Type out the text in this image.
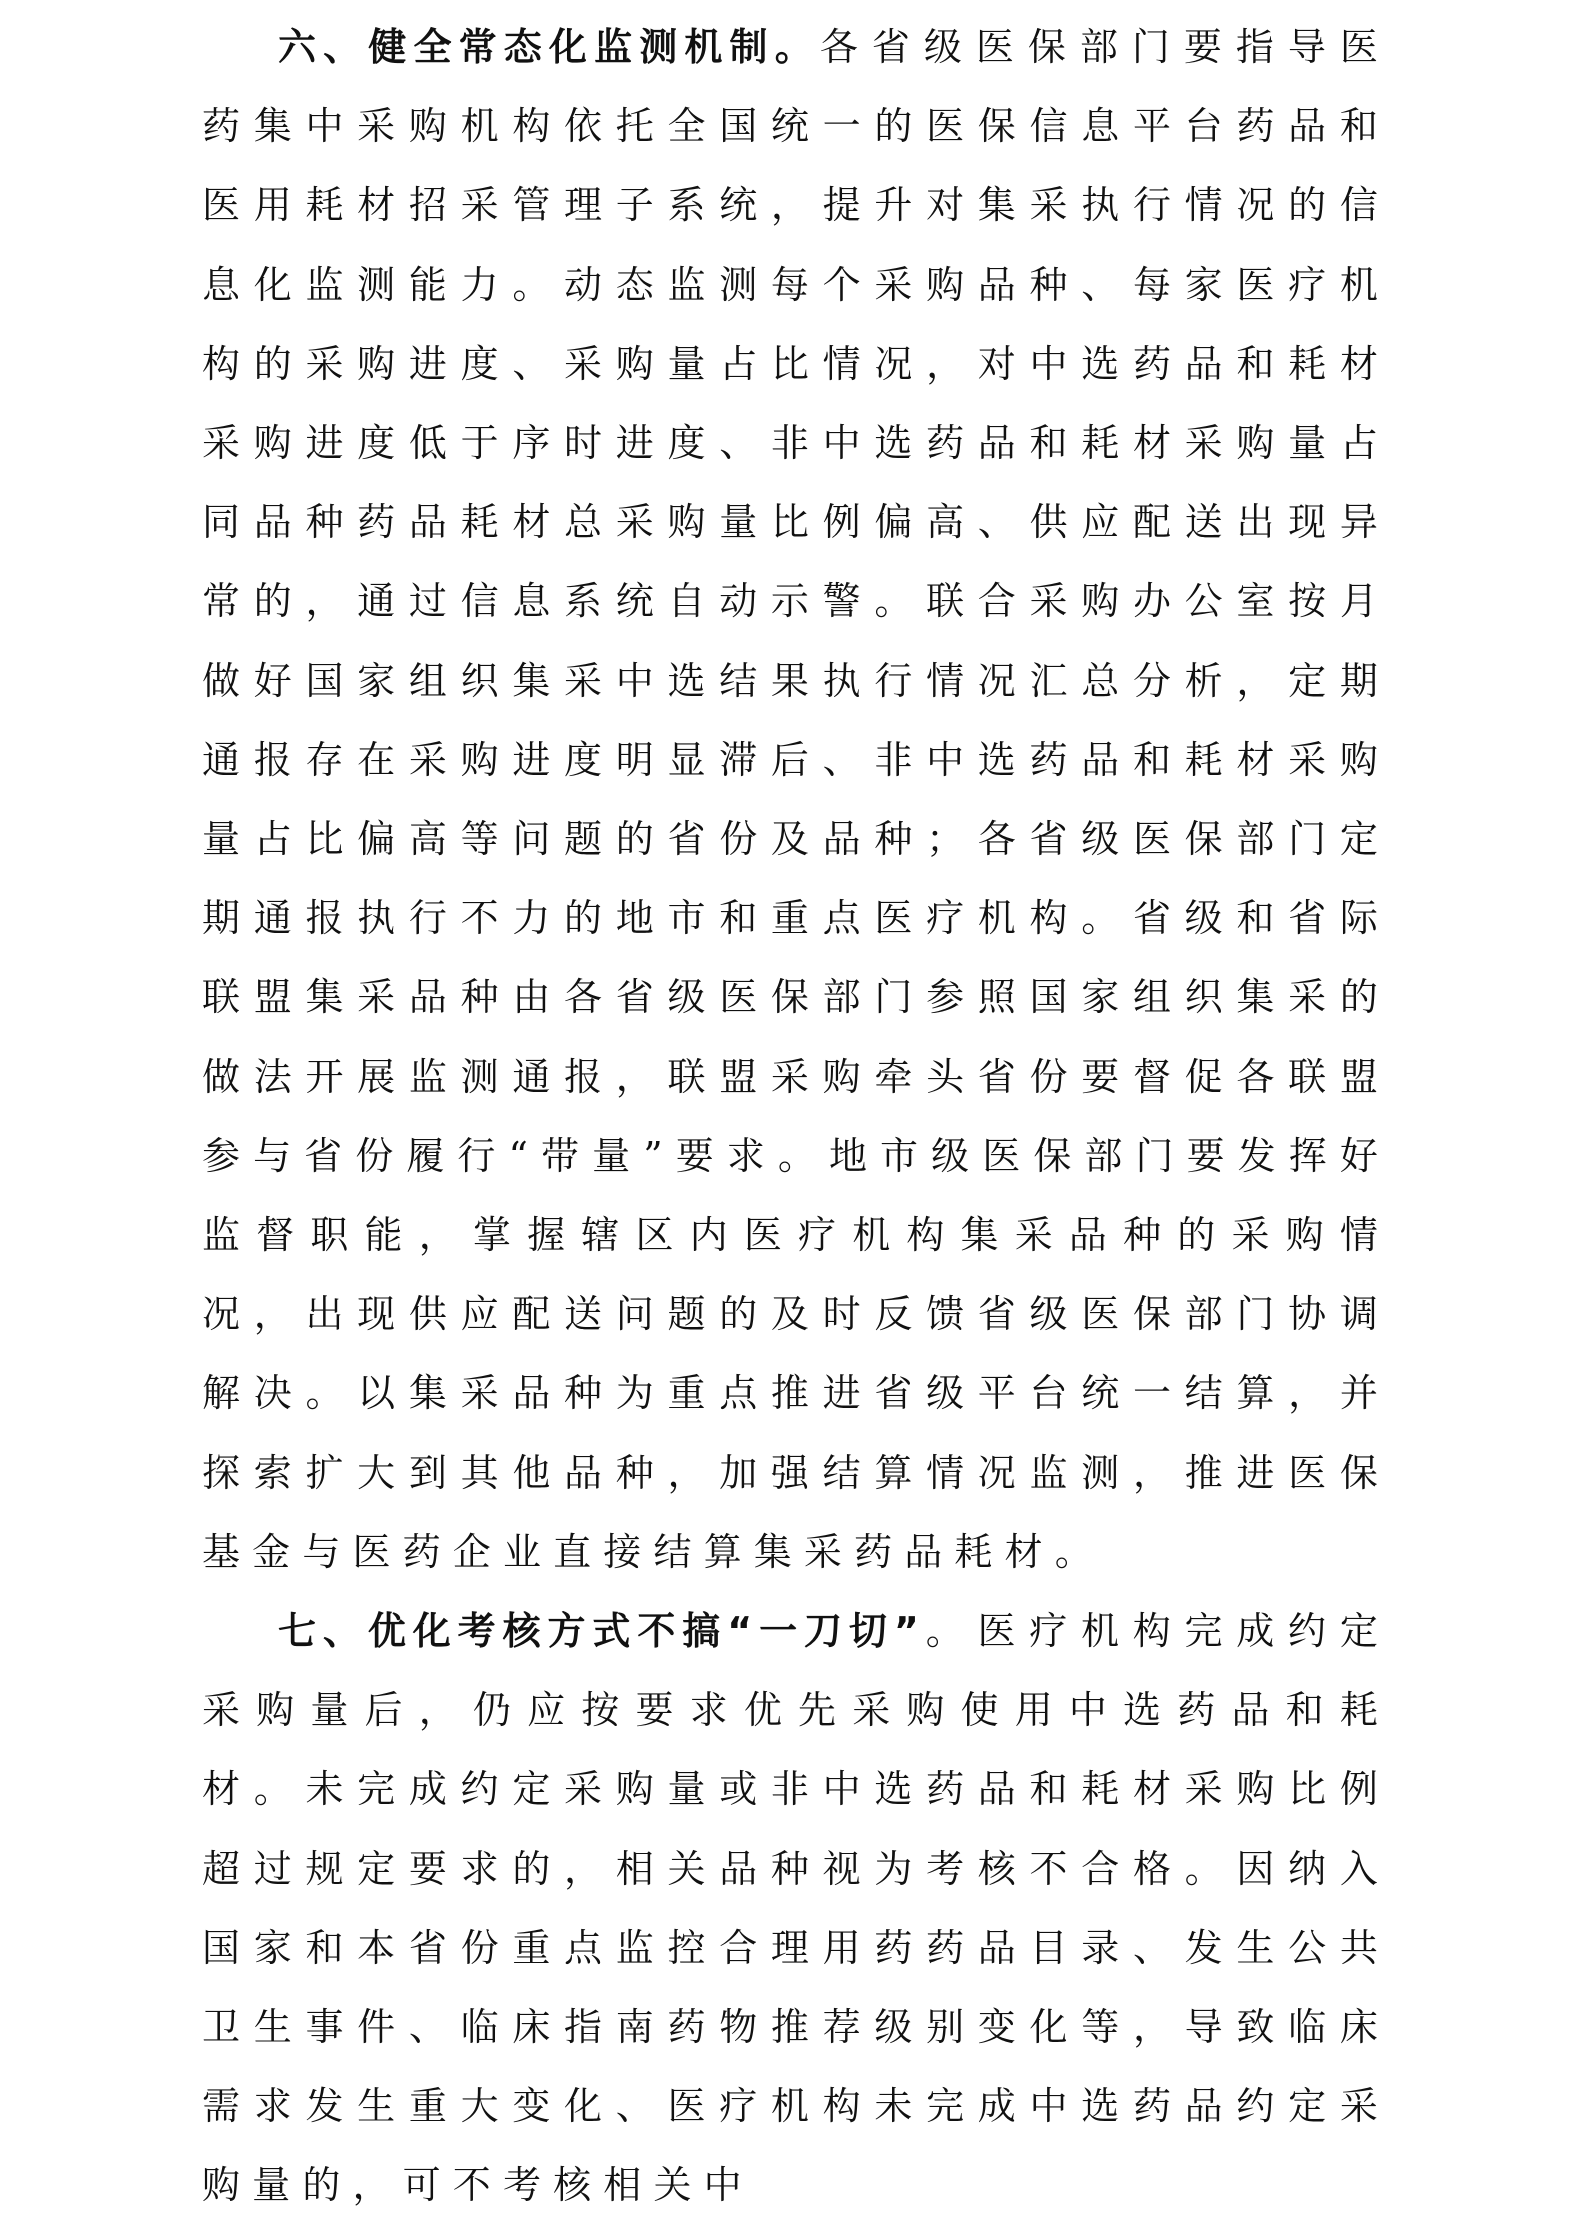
六、健全常态化监测机制。各省级医保部门要指导医药集中采购机构依托全国统一的医保信息平台药品和医用耗材招采管理子系统，提升对集采执行情况的信息化监测能力。动态监测每个采购品种、每家医疗机构的采购进度、采购量占比情况，对中选药品和耗材采购进度低于序时进度、非中选药品和耗材采购量占同品种药品耗材总采购量比例偏高、供应配送出现异常的，通过信息系统自动示警。联合采购办公室按月做好国家组织集采中选结果执行情况汇总分析，定期通报存在采购进度明显滞后、非中选药品和耗材采购量占比偏高等问题的省份及品种；各省级医保部门定期通报执行不力的地市和重点医疗机构。省级和省际联盟集采品种由各省级医保部门参照国家组织集采的做法开展监测通报，联盟采购牵头省份要督促各联盟参与省份履行“带量”要求。地市级医保部门要发挥好监督职能，掌握辖区内医疗机构集采品种的采购情况，出现供应配送问题的及时反馈省级医保部门协调解决。以集采品种为重点推进省级平台统一结算，并探索扩大到其他品种，加强结算情况监测，推进医保基金与医药企业直接结算集采药品耗材。

七、优化考核方式不搞“一刀切”。医疗机构完成约定采购量后，仍应按要求优先采购使用中选药品和耗材。未完成约定采购量或非中选药品和耗材采购比例超过规定要求的，相关品种视为考核不合格。因纳入国家和本省份重点监控合理用药药品目录、发生公共卫生事件、临床指南药物推荐级别变化等，导致临床需求发生重大变化、医疗机构未完成中选药品约定采购量的，可不考核相关中
